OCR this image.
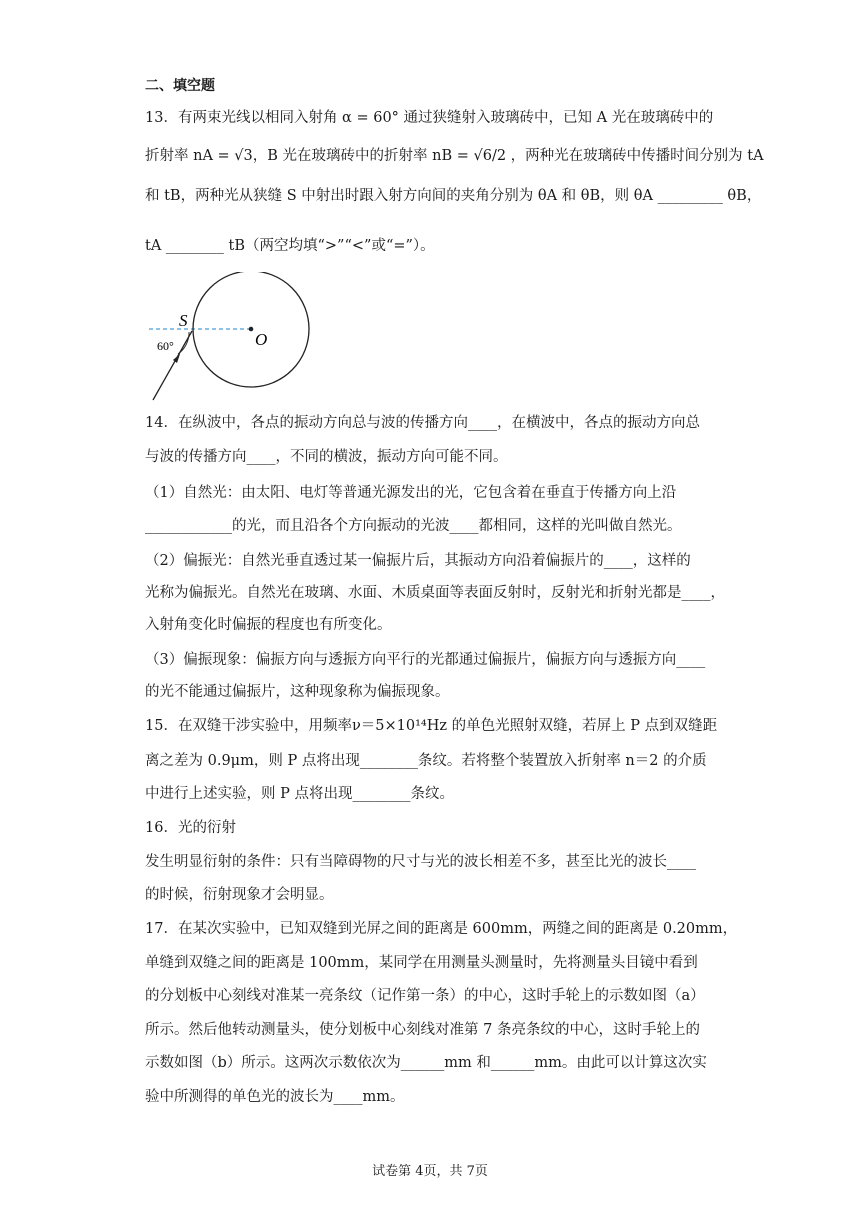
二、填空题
13．有两束光线以相同入射角 α = 60° 通过狭缝射入玻璃砖中，已知 A 光在玻璃砖中的
折射率 nA = √3，B 光在玻璃砖中的折射率 nB = √6/2 ，两种光在玻璃砖中传播时间分别为 tA
和 tB，两种光从狭缝 S 中射出时跟入射方向间的夹角分别为 θA 和 θB，则 θA _________ θB，
tA ________ tB（两空均填“>”“<”或“=”）。
S
O
60°
14．在纵波中，各点的振动方向总与波的传播方向____，在横波中，各点的振动方向总
与波的传播方向____，不同的横波，振动方向可能不同。
（1）自然光：由太阳、电灯等普通光源发出的光，它包含着在垂直于传播方向上沿
____________的光，而且沿各个方向振动的光波____都相同，这样的光叫做自然光。
（2）偏振光：自然光垂直透过某一偏振片后，其振动方向沿着偏振片的____，这样的
光称为偏振光。自然光在玻璃、水面、木质桌面等表面反射时，反射光和折射光都是____，
入射角变化时偏振的程度也有所变化。
（3）偏振现象：偏振方向与透振方向平行的光都通过偏振片，偏振方向与透振方向____
的光不能通过偏振片，这种现象称为偏振现象。
15．在双缝干涉实验中，用频率ν＝5×10¹⁴Hz 的单色光照射双缝，若屏上 P 点到双缝距
离之差为 0.9μm，则 P 点将出现________条纹。若将整个装置放入折射率 n＝2 的介质
中进行上述实验，则 P 点将出现________条纹。
16．光的衍射
发生明显衍射的条件：只有当障碍物的尺寸与光的波长相差不多，甚至比光的波长____
的时候，衍射现象才会明显。
17．在某次实验中，已知双缝到光屏之间的距离是 600mm，两缝之间的距离是 0.20mm，
单缝到双缝之间的距离是 100mm，某同学在用测量头测量时，先将测量头目镜中看到
的分划板中心刻线对准某一亮条纹（记作第一条）的中心，这时手轮上的示数如图（a）
所示。然后他转动测量头，使分划板中心刻线对准第 7 条亮条纹的中心，这时手轮上的
示数如图（b）所示。这两次示数依次为______mm 和______mm。由此可以计算这次实
验中所测得的单色光的波长为____mm。
试卷第 4页，共 7页
